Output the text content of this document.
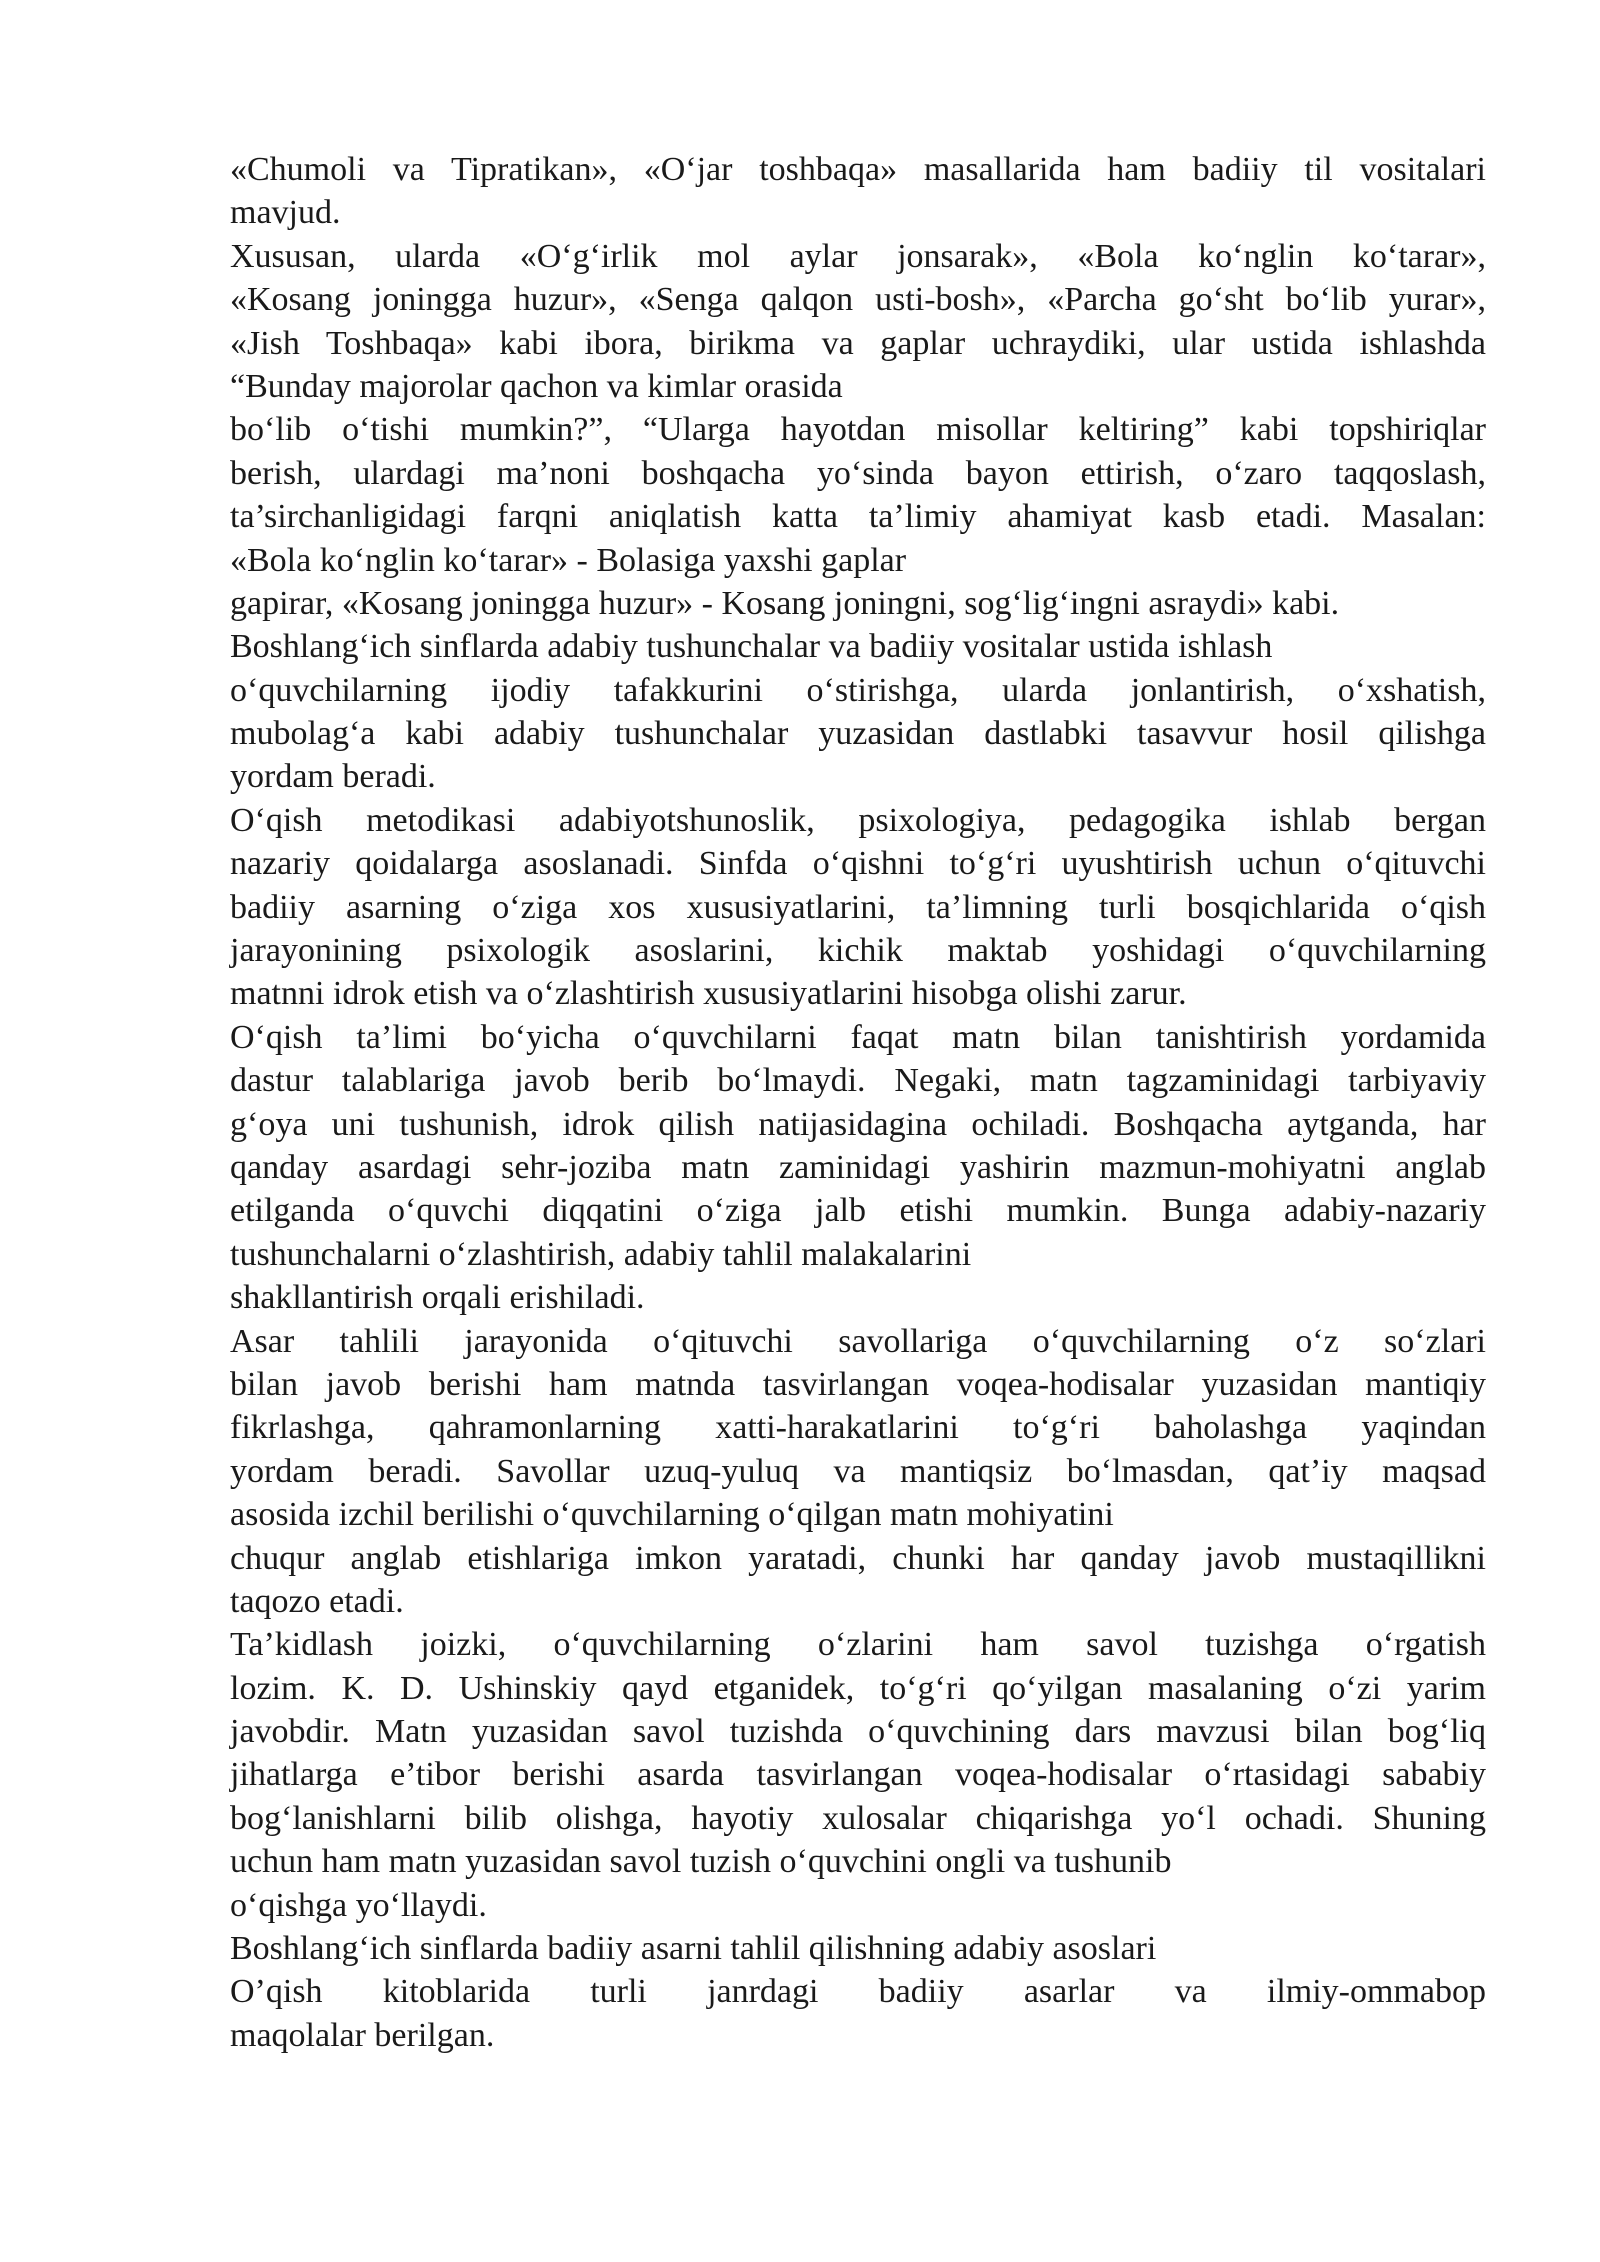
«Chumoli va Tipratikan», «O‘jar toshbaqa» masallarida ham badiiy til vositalari
mavjud.
Xususan, ularda «O‘g‘irlik mol aylar jonsarak», «Bola ko‘nglin ko‘tarar»,
«Kosang joningga huzur», «Senga qalqon usti-bosh», «Parcha go‘sht bo‘lib yurar»,
«Jish Toshbaqa» kabi ibora, birikma va gaplar uchraydiki, ular ustida ishlashda
“Bunday majorolar qachon va kimlar orasida
bo‘lib o‘tishi mumkin?”, “Ularga hayotdan misollar keltiring” kabi topshiriqlar
berish, ulardagi ma’noni boshqacha yo‘sinda bayon ettirish, o‘zaro taqqoslash,
ta’sirchanligidagi farqni aniqlatish katta ta’limiy ahamiyat kasb etadi. Masalan:
«Bola ko‘nglin ko‘tarar» - Bolasiga yaxshi gaplar
gapirar, «Kosang joningga huzur» - Kosang joningni, sog‘lig‘ingni asraydi» kabi.
Boshlang‘ich sinflarda adabiy tushunchalar va badiiy vositalar ustida ishlash
o‘quvchilarning ijodiy tafakkurini o‘stirishga, ularda jonlantirish, o‘xshatish,
mubolag‘a kabi adabiy tushunchalar yuzasidan dastlabki tasavvur hosil qilishga
yordam beradi.
O‘qish metodikasi adabiyotshunoslik, psixologiya, pedagogika ishlab bergan
nazariy qoidalarga asoslanadi. Sinfda o‘qishni to‘g‘ri uyushtirish uchun o‘qituvchi
badiiy asarning o‘ziga xos xususiyatlarini, ta’limning turli bosqichlarida o‘qish
jarayonining psixologik asoslarini, kichik maktab yoshidagi o‘quvchilarning
matnni idrok etish va o‘zlashtirish xususiyatlarini hisobga olishi zarur.
O‘qish ta’limi bo‘yicha o‘quvchilarni faqat matn bilan tanishtirish yordamida
dastur talablariga javob berib bo‘lmaydi. Negaki, matn tagzaminidagi tarbiyaviy
g‘oya uni tushunish, idrok qilish natijasidagina ochiladi. Boshqacha aytganda, har
qanday asardagi sehr-joziba matn zaminidagi yashirin mazmun-mohiyatni anglab
etilganda o‘quvchi diqqatini o‘ziga jalb etishi mumkin. Bunga adabiy-nazariy
tushunchalarni o‘zlashtirish, adabiy tahlil malakalarini
shakllantirish orqali erishiladi.
Asar tahlili jarayonida o‘qituvchi savollariga o‘quvchilarning o‘z so‘zlari
bilan javob berishi ham matnda tasvirlangan voqea-hodisalar yuzasidan mantiqiy
fikrlashga, qahramonlarning xatti-harakatlarini to‘g‘ri baholashga yaqindan
yordam beradi. Savollar uzuq-yuluq va mantiqsiz bo‘lmasdan, qat’iy maqsad
asosida izchil berilishi o‘quvchilarning o‘qilgan matn mohiyatini
chuqur anglab etishlariga imkon yaratadi, chunki har qanday javob mustaqillikni
taqozo etadi.
Ta’kidlash joizki, o‘quvchilarning o‘zlarini ham savol tuzishga o‘rgatish
lozim. K. D. Ushinskiy qayd etganidek, to‘g‘ri qo‘yilgan masalaning o‘zi yarim
javobdir. Matn yuzasidan savol tuzishda o‘quvchining dars mavzusi bilan bog‘liq
jihatlarga e’tibor berishi asarda tasvirlangan voqea-hodisalar o‘rtasidagi sababiy
bog‘lanishlarni bilib olishga, hayotiy xulosalar chiqarishga yo‘l ochadi. Shuning
uchun ham matn yuzasidan savol tuzish o‘quvchini ongli va tushunib
o‘qishga yo‘llaydi.
Boshlang‘ich sinflarda badiiy asarni tahlil qilishning adabiy asoslari
O’qish kitoblarida turli janrdagi badiiy asarlar va ilmiy-ommabop
maqolalar berilgan.
